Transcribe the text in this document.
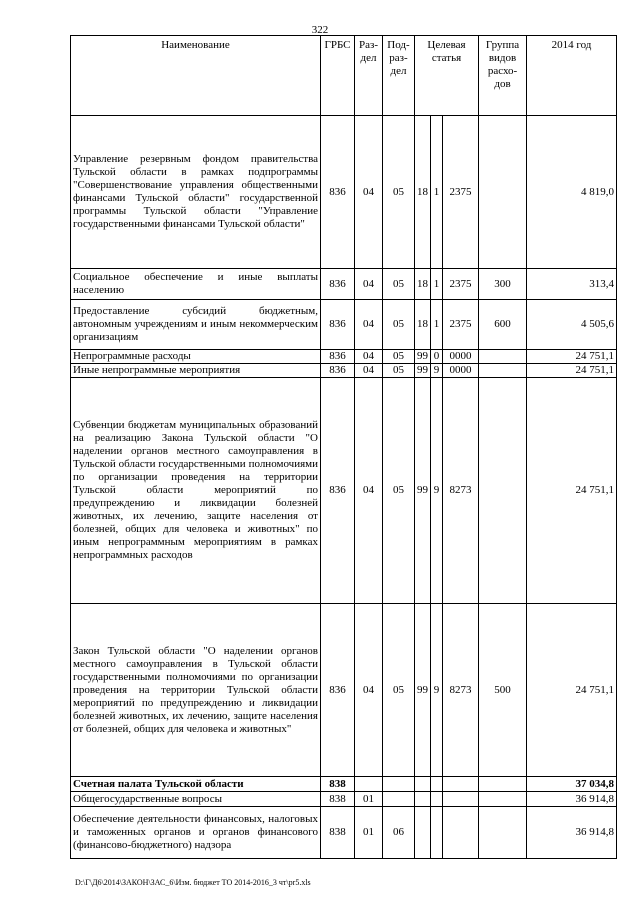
322
Наименование	ГРБС	Раз-дел	Под-раз-дел	Целевая статья			Группа видов расхо-дов	2014 год
Управление резервным фондом правительства Тульской области в рамках подпрограммы "Совершенствование управления общественными финансами Тульской области" государственной программы Тульской области "Управление государственными финансами Тульской области"	836	04	05	18	1	2375		4 819,0
Социальное обеспечение и иные выплаты населению	836	04	05	18	1	2375	300	313,4
Предоставление субсидий бюджетным, автономным учреждениям и иным некоммерческим организациям	836	04	05	18	1	2375	600	4 505,6
Непрограммные расходы	836	04	05	99	0	0000		24 751,1
Иные непрограммные мероприятия	836	04	05	99	9	0000		24 751,1
Субвенции бюджетам муниципальных образований на реализацию Закона Тульской области "О наделении органов местного самоуправления в Тульской области государственными полномочиями по организации проведения на территории Тульской области мероприятий по предупреждению и ликвидации болезней животных, их лечению, защите населения от болезней, общих для человека и животных" по иным непрограммным мероприятиям в рамках непрограммных расходов	836	04	05	99	9	8273		24 751,1
Закон Тульской области "О наделении органов местного самоуправления в Тульской области государственными полномочиями по организации проведения на территории Тульской области мероприятий по предупреждению и ликвидации болезней животных, их лечению, защите населения от болезней, общих для человека и животных"	836	04	05	99	9	8273	500	24 751,1
Счетная палата Тульской области	838							37 034,8
Общегосударственные вопросы	838	01						36 914,8
Обеспечение деятельности финансовых, налоговых и таможенных органов и органов финансового (финансово-бюджетного) надзора	838	01	06					36 914,8
D:\Г\Д6\2014\ЗАКОН\ЗАС_6\Изм. бюджет ТО 2014-2016_3 чт\pr5.xls
